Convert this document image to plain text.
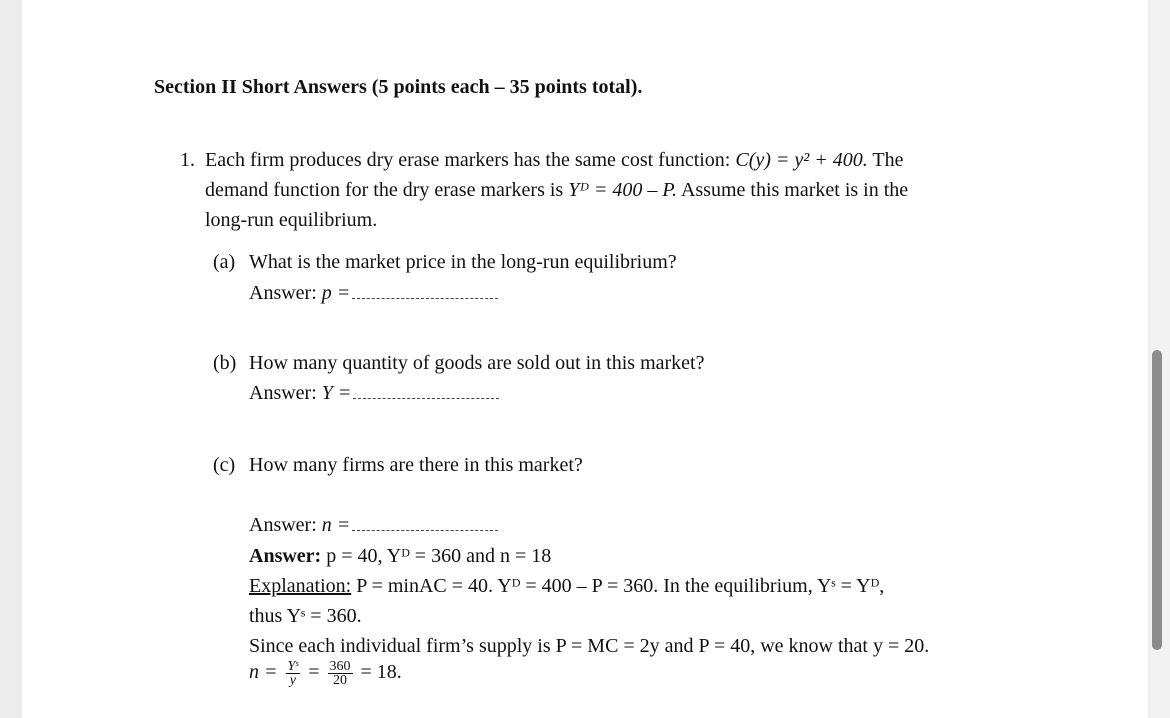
Section II Short Answers (5 points each – 35 points total).
1. Each firm produces dry erase markers has the same cost function: C(y) = y² + 400. The
demand function for the dry erase markers is Yᴰ = 400 – P. Assume this market is in the
long-run equilibrium.
(a) What is the market price in the long-run equilibrium?
Answer: p =
(b) How many quantity of goods are sold out in this market?
Answer: Y =
(c) How many firms are there in this market?
Answer: n =
Answer: p = 40, Yᴰ = 360 and n = 18
Explanation: P = minAC = 40. Yᴰ = 400 – P = 360. In the equilibrium, Yˢ = Yᴰ,
thus Yˢ = 360.
Since each individual firm’s supply is P = MC = 2y and P = 40, we know that y = 20.
$n = \frac{\text{Yˢ}}{y} = \frac{360}{20} = 18$.
